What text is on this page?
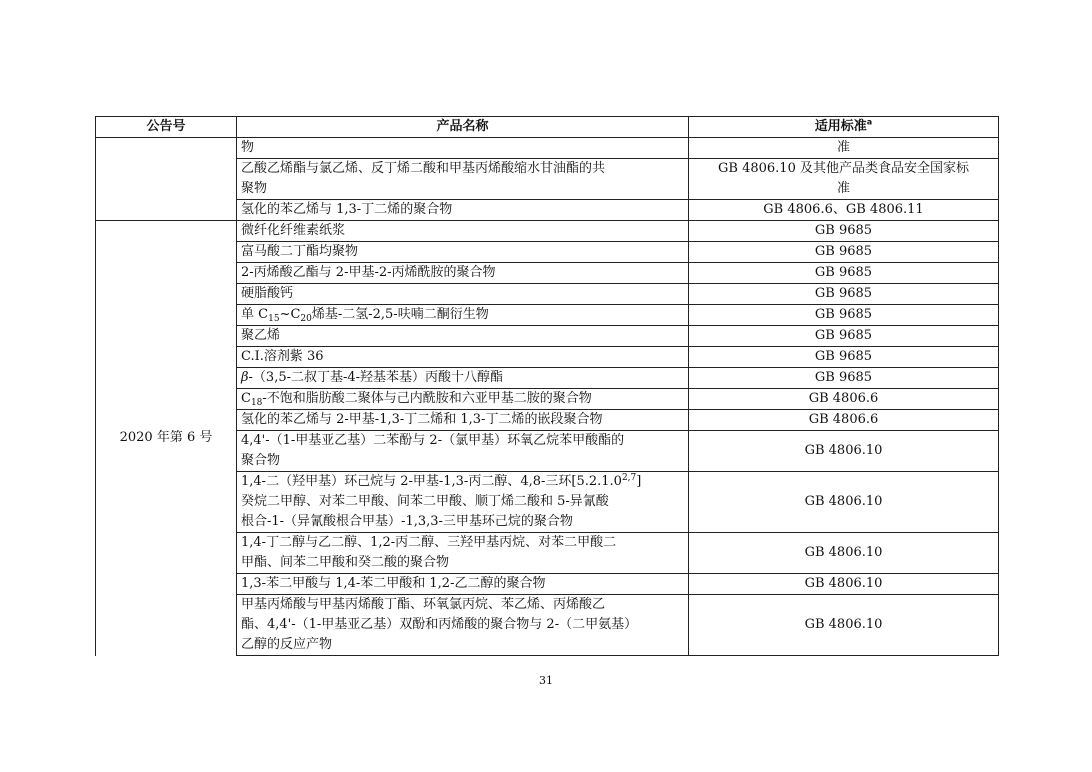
公告号	产品名称	适用标准$^a$
	物	准

	乙酸乙烯酯与氯乙烯、反丁烯二酸和甲基丙烯酸缩水甘油酯的共
聚物	GB 4806.10 及其他产品类食品安全国家标
准

	氢化的苯乙烯与 1,3-丁二烯的聚合物	GB 4806.6、GB 4806.11
2020 年第 6 号	微纤化纤维素纸浆	GB 9685
	富马酸二丁酯均聚物	GB 9685
	2-丙烯酸乙酯与 2-甲基-2-丙烯酰胺的聚合物	GB 9685
	硬脂酸钙	GB 9685
	单 $C_{15}\sim C_{20}$烯基-二氢-2,5-呋喃二酮衍生物	GB 9685
	聚乙烯	GB 9685
	C.I.溶剂紫 36	GB 9685
	β-（3,5-二叔丁基-4-羟基苯基）丙酸十八醇酯	GB 9685
	$C_{18}-$不饱和脂肪酸二聚体与己内酰胺和六亚甲基二胺的聚合物	GB 4806.6
	氢化的苯乙烯与 2-甲基-1,3-丁二烯和 1,3-丁二烯的嵌段聚合物	GB 4806.6

	4,4'-（1-甲基亚乙基）二苯酚与 2-（氯甲基）环氧乙烷苯甲酸酯的
聚合物	GB 4806.10

	1,4-二（羟甲基）环己烷与 2-甲基-1,3-丙二醇、4,8-三环[5.2.1.0$^{2,7}$]
癸烷二甲醇、对苯二甲酸、间苯二甲酸、顺丁烯二酸和 5-异氰酸
根合-1-（异氰酸根合甲基）-1,3,3-三甲基环己烷的聚合物	GB 4806.10

	1,4-丁二醇与乙二醇、1,2-丙二醇、三羟甲基丙烷、对苯二甲酸二
甲酯、间苯二甲酸和癸二酸的聚合物	GB 4806.10
	1,3-苯二甲酸与 1,4-苯二甲酸和 1,2-乙二醇的聚合物	GB 4806.10

	甲基丙烯酸与甲基丙烯酸丁酯、环氧氯丙烷、苯乙烯、丙烯酸乙
酯、4,4'-（1-甲基亚乙基）双酚和丙烯酸的聚合物与 2-（二甲氨基）
乙醇的反应产物	GB 4806.10
31
